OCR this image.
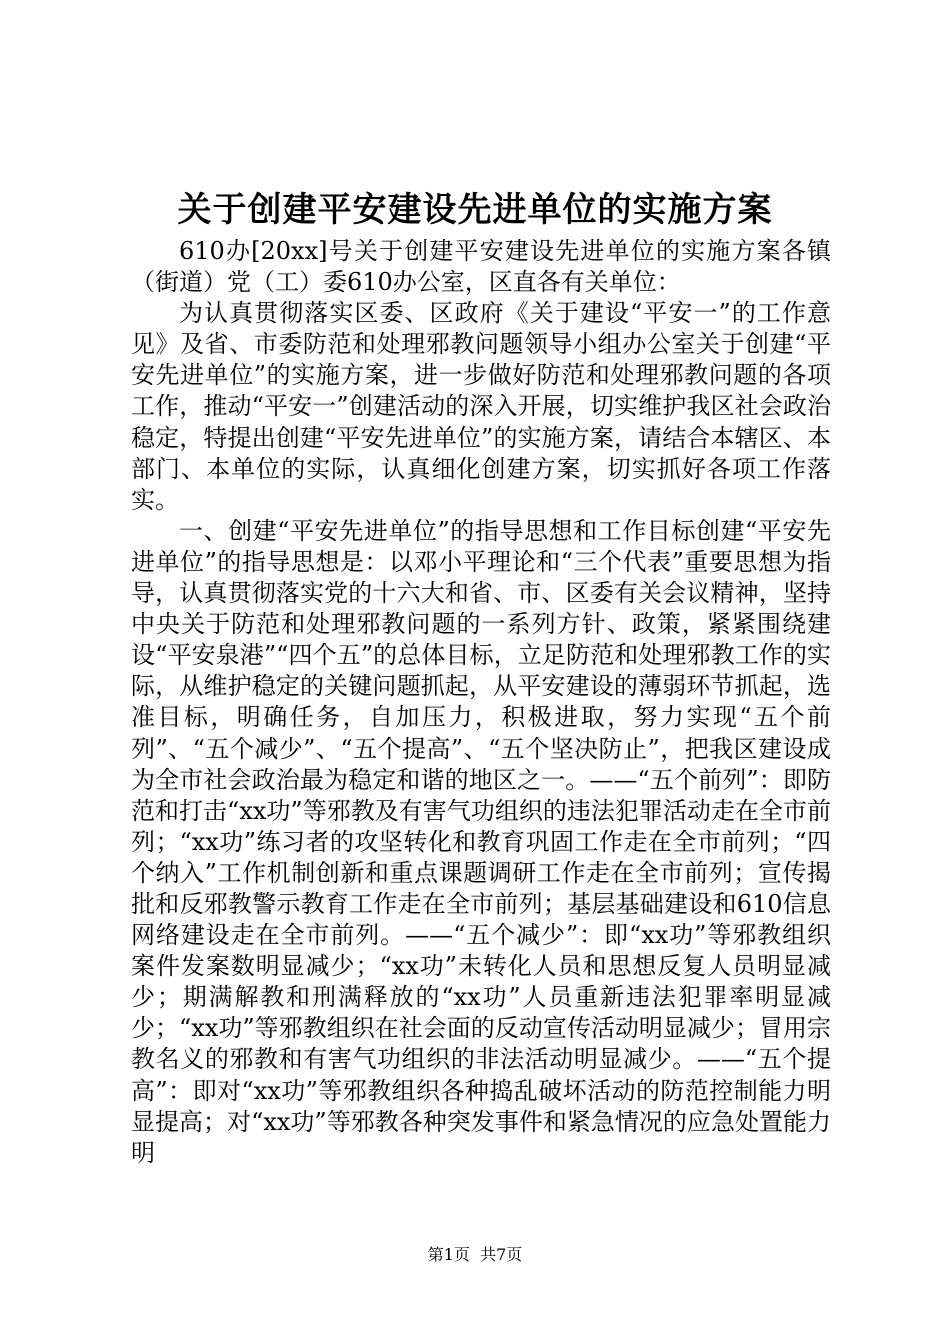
关于创建平安建设先进单位的实施方案

610办[20xx]号关于创建平安建设先进单位的实施方案各镇（街道）党（工）委610办公室，区直各有关单位：

为认真贯彻落实区委、区政府《关于建设“平安一”的工作意见》及省、市委防范和处理邪教问题领导小组办公室关于创建“平安先进单位”的实施方案，进一步做好防范和处理邪教问题的各项工作，推动“平安一”创建活动的深入开展，切实维护我区社会政治稳定，特提出创建“平安先进单位”的实施方案，请结合本辖区、本部门、本单位的实际，认真细化创建方案，切实抓好各项工作落实。

一、创建“平安先进单位”的指导思想和工作目标创建“平安先进单位”的指导思想是：以邓小平理论和“三个代表”重要思想为指导，认真贯彻落实党的十六大和省、市、区委有关会议精神，坚持中央关于防范和处理邪教问题的一系列方针、政策，紧紧围绕建设“平安泉港”“四个五”的总体目标，立足防范和处理邪教工作的实际，从维护稳定的关键问题抓起，从平安建设的薄弱环节抓起，选准目标，明确任务，自加压力，积极进取，努力实现“五个前列”、“五个减少”、“五个提高”、“五个坚决防止”，把我区建设成为全市社会政治最为稳定和谐的地区之一。——“五个前列”：即防范和打击“xx功”等邪教及有害气功组织的违法犯罪活动走在全市前列；“xx功”练习者的攻坚转化和教育巩固工作走在全市前列；“四个纳入”工作机制创新和重点课题调研工作走在全市前列；宣传揭批和反邪教警示教育工作走在全市前列；基层基础建设和610信息网络建设走在全市前列。——“五个减少”：即“xx功”等邪教组织案件发案数明显减少；“xx功”未转化人员和思想反复人员明显减少；期满解教和刑满释放的“xx功”人员重新违法犯罪率明显减少；“xx功”等邪教组织在社会面的反动宣传活动明显减少；冒用宗教名义的邪教和有害气功组织的非法活动明显减少。——“五个提高”：即对“xx功”等邪教组织各种捣乱破坏活动的防范控制能力明显提高；对“xx功”等邪教各种突发事件和紧急情况的应急处置能力明

第1页 共7页
